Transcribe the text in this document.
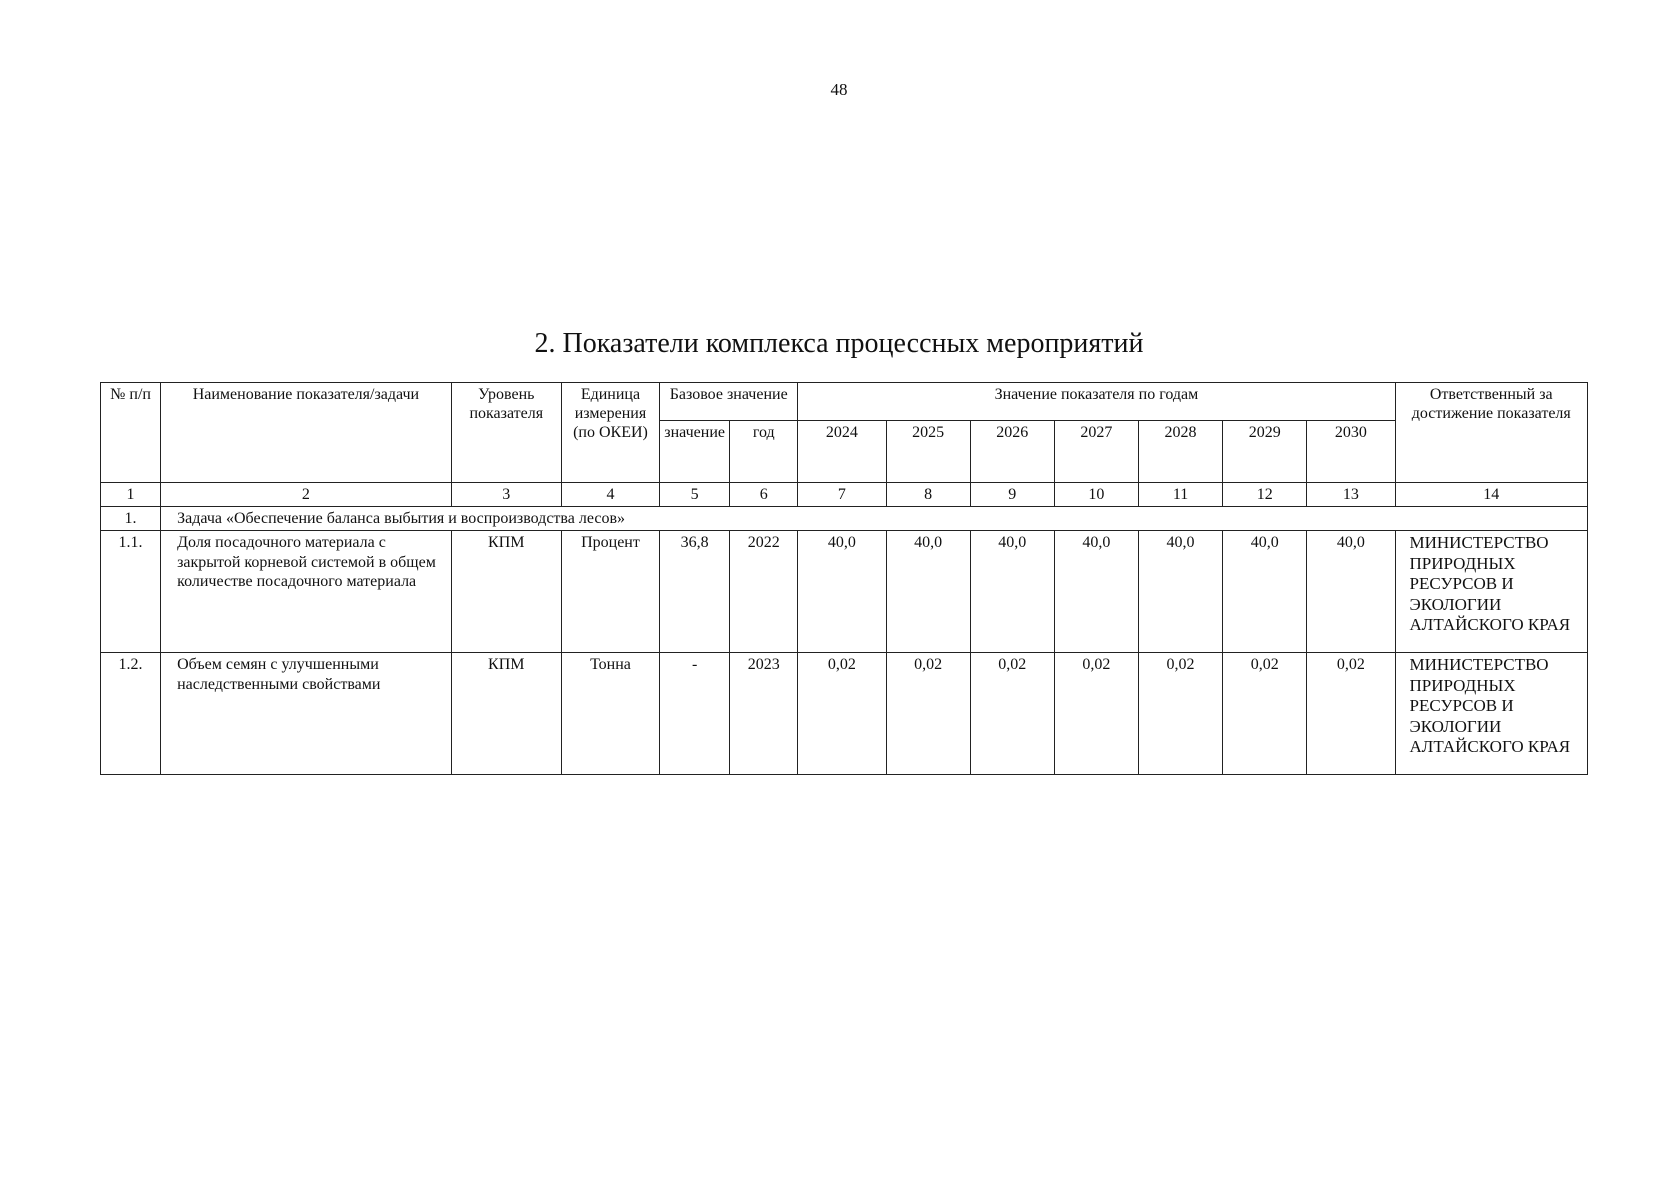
48
2. Показатели комплекса процессных мероприятий
№ п/п	Наименование показателя/задачи	Уровень показателя	Единица измерения (по ОКЕИ)	Базовое значение		Значение показателя по годам							Ответственный за достижение показателя
				значение	год	2024	2025	2026	2027	2028	2029	2030	
1	2	3	4	5	6	7	8	9	10	11	12	13	14
1.	Задача «Обеспечение баланса выбытия и воспроизводства лесов»												
1.1.	Доля посадочного материала с закрытой корневой системой в общем количестве посадочного материала	КПМ	Процент	36,8	2022	40,0	40,0	40,0	40,0	40,0	40,0	40,0	МИНИСТЕРСТВО ПРИРОДНЫХ РЕСУРСОВ И ЭКОЛОГИИ АЛТАЙСКОГО КРАЯ
1.2.	Объем семян с улучшенными наследственными свойствами	КПМ	Тонна	-	2023	0,02	0,02	0,02	0,02	0,02	0,02	0,02	МИНИСТЕРСТВО ПРИРОДНЫХ РЕСУРСОВ И ЭКОЛОГИИ АЛТАЙСКОГО КРАЯ
